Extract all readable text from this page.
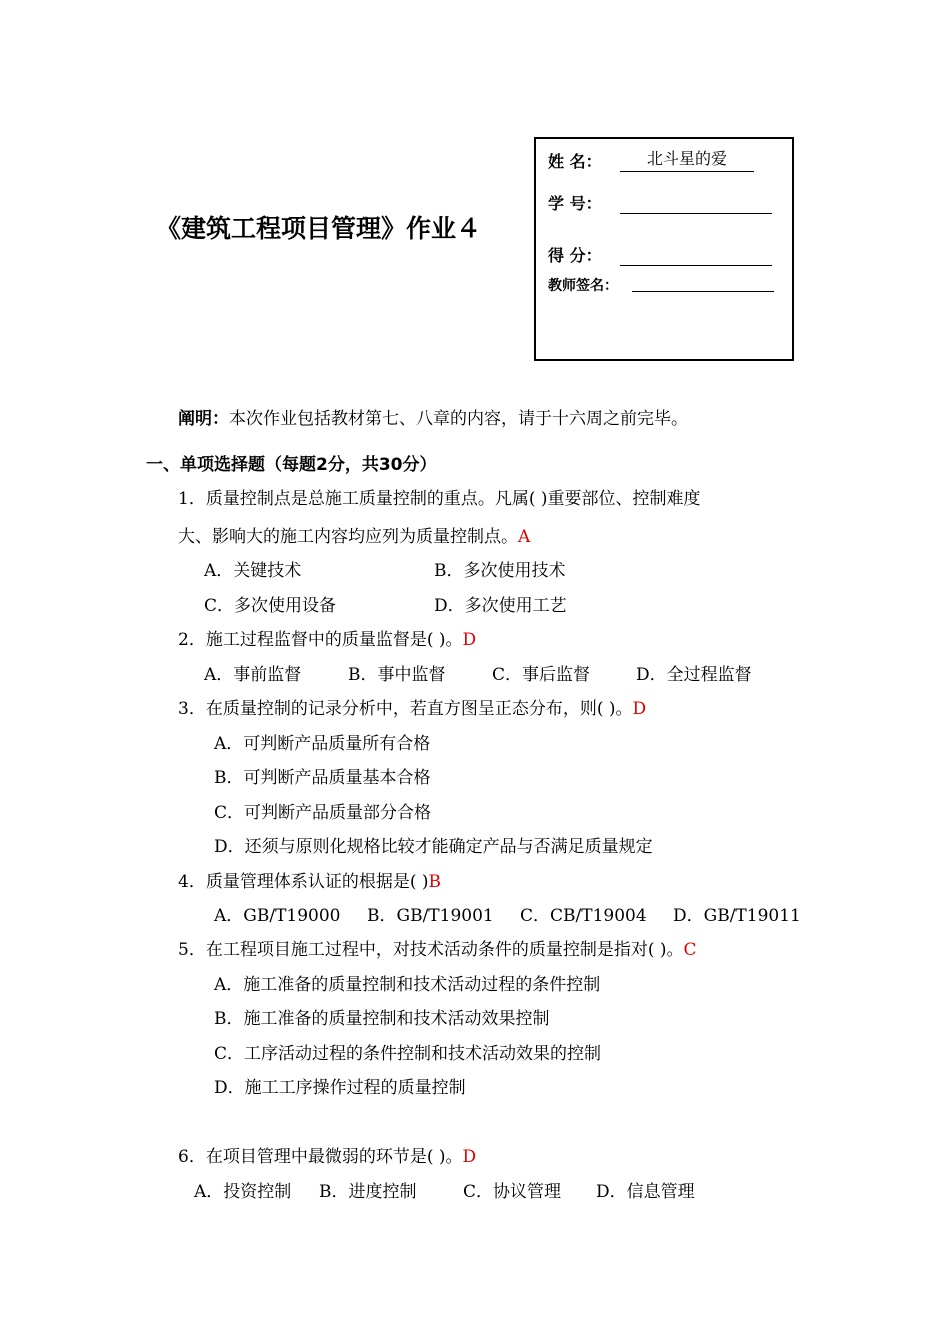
《建筑工程项目管理》作业４
姓 名：	北斗星的爱
学 号：
得 分：
教师签名：
阐明：本次作业包括教材第七、八章的内容，请于十六周之前完毕。
一、单项选择题（每题2分，共30分）
1．质量控制点是总施工质量控制的重点。凡属( )重要部位、控制难度
大、影响大的施工内容均应列为质量控制点。A
A．关键技术	B．多次使用技术
C．多次使用设备	D．多次使用工艺
2．施工过程监督中的质量监督是( )。D
A．事前监督	B．事中监督	C．事后监督	D．全过程监督
3．在质量控制的记录分析中，若直方图呈正态分布，则( )。D
A．可判断产品质量所有合格
B．可判断产品质量基本合格
C．可判断产品质量部分合格
D．还须与原则化规格比较才能确定产品与否满足质量规定
4．质量管理体系认证的根据是( )B
A．GB/T19000 B．GB/T19001 C．CB/T19004 D．GB/T19011
5．在工程项目施工过程中，对技术活动条件的质量控制是指对( )。C
A．施工准备的质量控制和技术活动过程的条件控制
B．施工准备的质量控制和技术活动效果控制
C．工序活动过程的条件控制和技术活动效果的控制
D．施工工序操作过程的质量控制
6．在项目管理中最微弱的环节是( )。D
A．投资控制 B．进度控制	C．协议管理 D．信息管理
